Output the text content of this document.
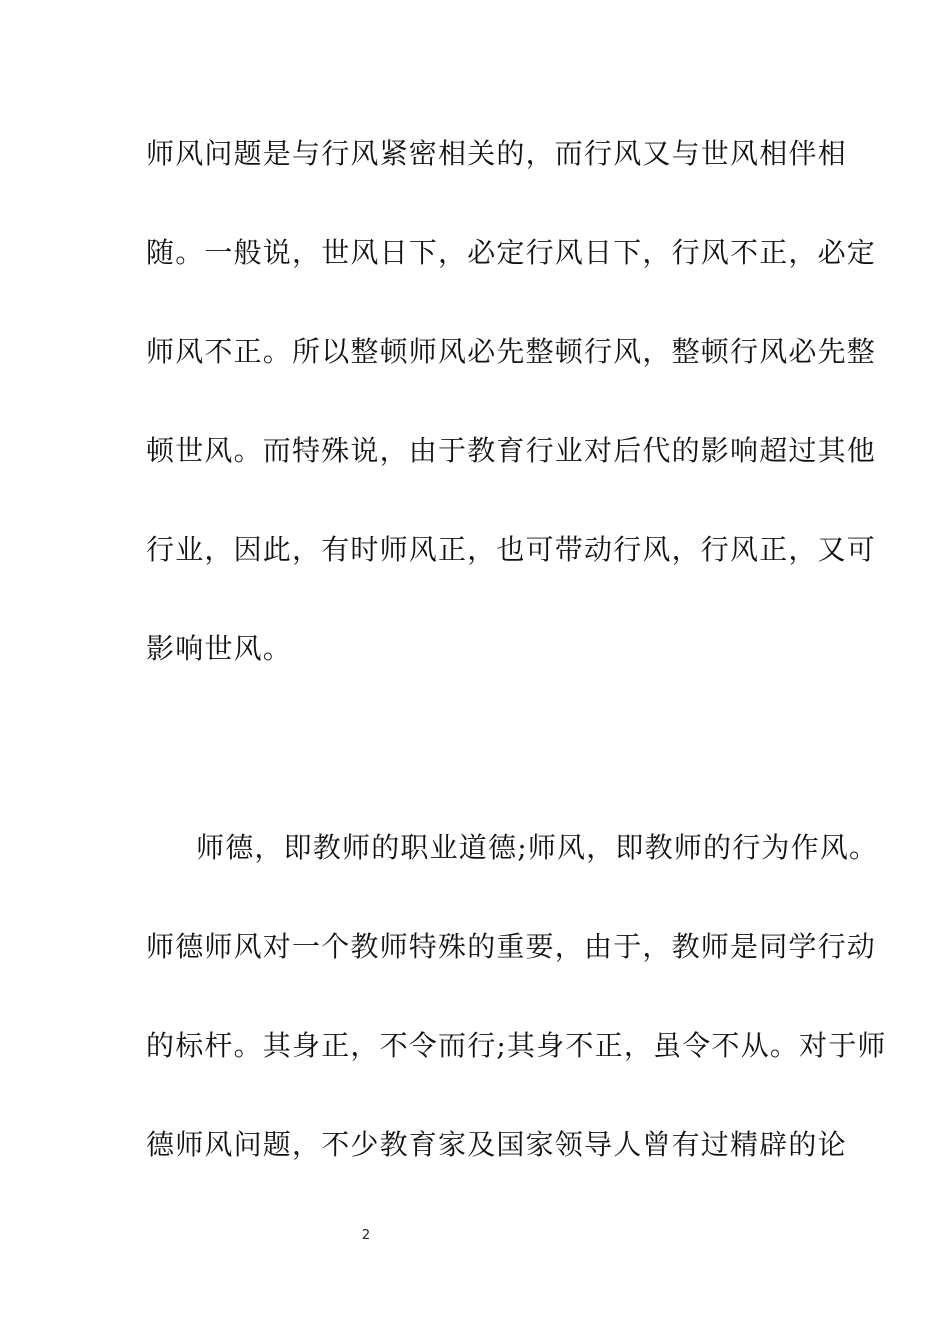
师风问题是与行风紧密相关的，而行风又与世风相伴相
随。一般说，世风日下，必定行风日下，行风不正，必定
师风不正。所以整顿师风必先整顿行风，整顿行风必先整
顿世风。而特殊说，由于教育行业对后代的影响超过其他
行业，因此，有时师风正，也可带动行风，行风正，又可
影响世风。
师德，即教师的职业道德;师风，即教师的行为作风。
师德师风对一个教师特殊的重要，由于，教师是同学行动
的标杆。其身正，不令而行;其身不正，虽令不从。对于师
德师风问题，不少教育家及国家领导人曾有过精辟的论
2
